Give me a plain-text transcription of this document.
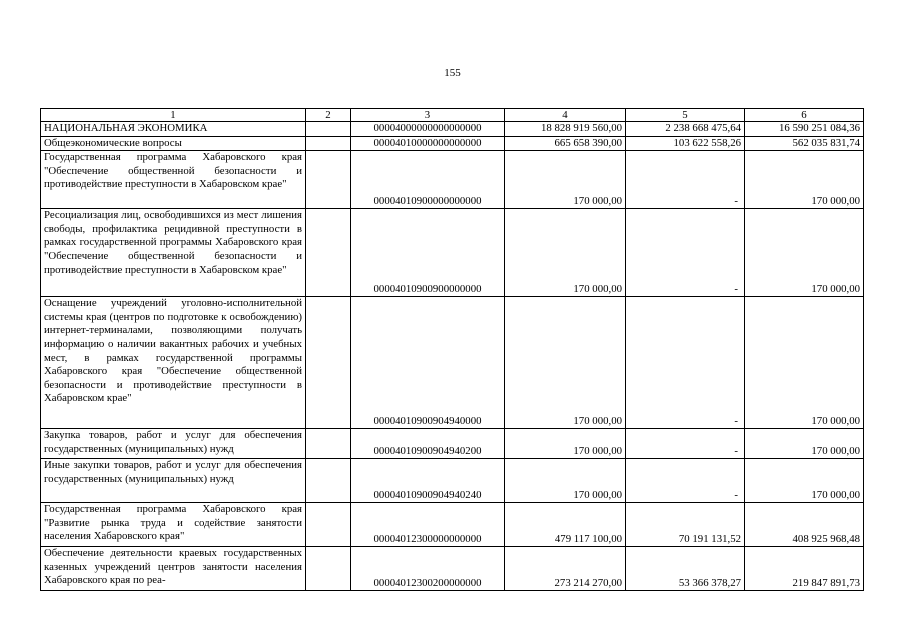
155
1	2	3	4	5	6
НАЦИОНАЛЬНАЯ ЭКОНОМИКА		00004000000000000000	18 828 919 560,00	2 238 668 475,64	16 590 251 084,36
Общеэкономические вопросы		00004010000000000000	665 658 390,00	103 622 558,26	562 035 831,74
Государственная программа Хабаровского края "Обеспечение общественной безопасности и противодействие преступности в Хабаровском крае"		00004010900000000000	170 000,00	-	170 000,00
Ресоциализация лиц, освободившихся из мест лишения свободы, профилактика рецидивной преступности в рамках государственной программы Хабаровского края "Обеспечение общественной безопасности и противодействие преступности в Хабаровском крае"		00004010900900000000	170 000,00	-	170 000,00
Оснащение учреждений уголовно-исполнительной системы края (центров по подготовке к освобождению) интернет-терминалами, позволяющими получать информацию о наличии вакантных рабочих и учебных мест, в рамках государственной программы Хабаровского края "Обеспечение общественной безопасности и противодействие преступности в Хабаровском крае"		00004010900904940000	170 000,00	-	170 000,00
Закупка товаров, работ и услуг для обеспечения государственных (муниципальных) нужд		00004010900904940200	170 000,00	-	170 000,00
Иные закупки товаров, работ и услуг для обеспечения государственных (муниципальных) нужд		00004010900904940240	170 000,00	-	170 000,00
Государственная программа Хабаровского края "Развитие рынка труда и содействие занятости населения Хабаровского края"		00004012300000000000	479 117 100,00	70 191 131,52	408 925 968,48
Обеспечение деятельности краевых государственных казенных учреждений центров занятости населения Хабаровского края по реа-		00004012300200000000	273 214 270,00	53 366 378,27	219 847 891,73
